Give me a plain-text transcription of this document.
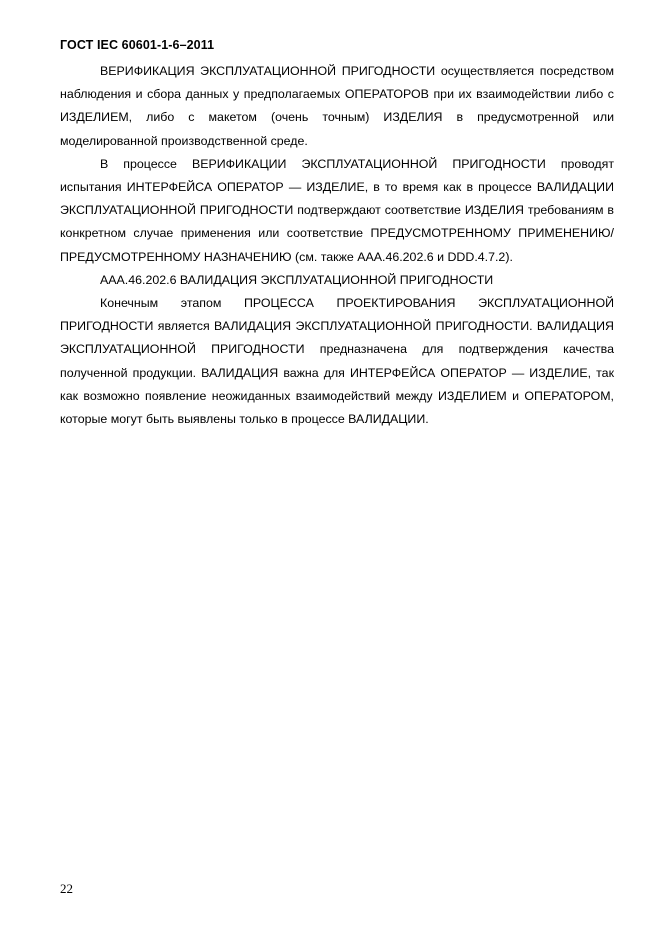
ГОСТ IEC 60601-1-6–2011

ВЕРИФИКАЦИЯ ЭКСПЛУАТАЦИОННОЙ ПРИГОДНОСТИ осуществляется посредством наблюдения и сбора данных у предполагаемых ОПЕРАТОРОВ при их взаимодействии либо с ИЗДЕЛИЕМ, либо с макетом (очень точным) ИЗДЕЛИЯ в предусмотренной или моделированной производственной среде.

В процессе ВЕРИФИКАЦИИ ЭКСПЛУАТАЦИОННОЙ ПРИГОДНОСТИ проводят испытания ИНТЕРФЕЙСА ОПЕРАТОР — ИЗДЕЛИЕ, в то время как в процессе ВАЛИДАЦИИ ЭКСПЛУАТАЦИОННОЙ ПРИГОДНОСТИ подтверждают соответствие ИЗДЕЛИЯ требованиям в конкретном случае применения или соответствие ПРЕДУСМОТРЕННОМУ ПРИМЕНЕНИЮ/ПРЕДУСМОТРЕННОМУ НАЗНАЧЕНИЮ (см. также ААА.46.202.6 и DDD.4.7.2).

ААА.46.202.6 ВАЛИДАЦИЯ ЭКСПЛУАТАЦИОННОЙ ПРИГОДНОСТИ

Конечным этапом ПРОЦЕССА ПРОЕКТИРОВАНИЯ ЭКСПЛУАТАЦИОННОЙ ПРИГОДНОСТИ является ВАЛИДАЦИЯ ЭКСПЛУАТАЦИОННОЙ ПРИГОДНОСТИ. ВАЛИДАЦИЯ ЭКСПЛУАТАЦИОННОЙ ПРИГОДНОСТИ предназначена для подтверждения качества полученной продукции. ВАЛИДАЦИЯ важна для ИНТЕРФЕЙСА ОПЕРАТОР — ИЗДЕЛИЕ, так как возможно появление неожиданных взаимодействий между ИЗДЕЛИЕМ и ОПЕРАТОРОМ, которые могут быть выявлены только в процессе ВАЛИДАЦИИ.

22
